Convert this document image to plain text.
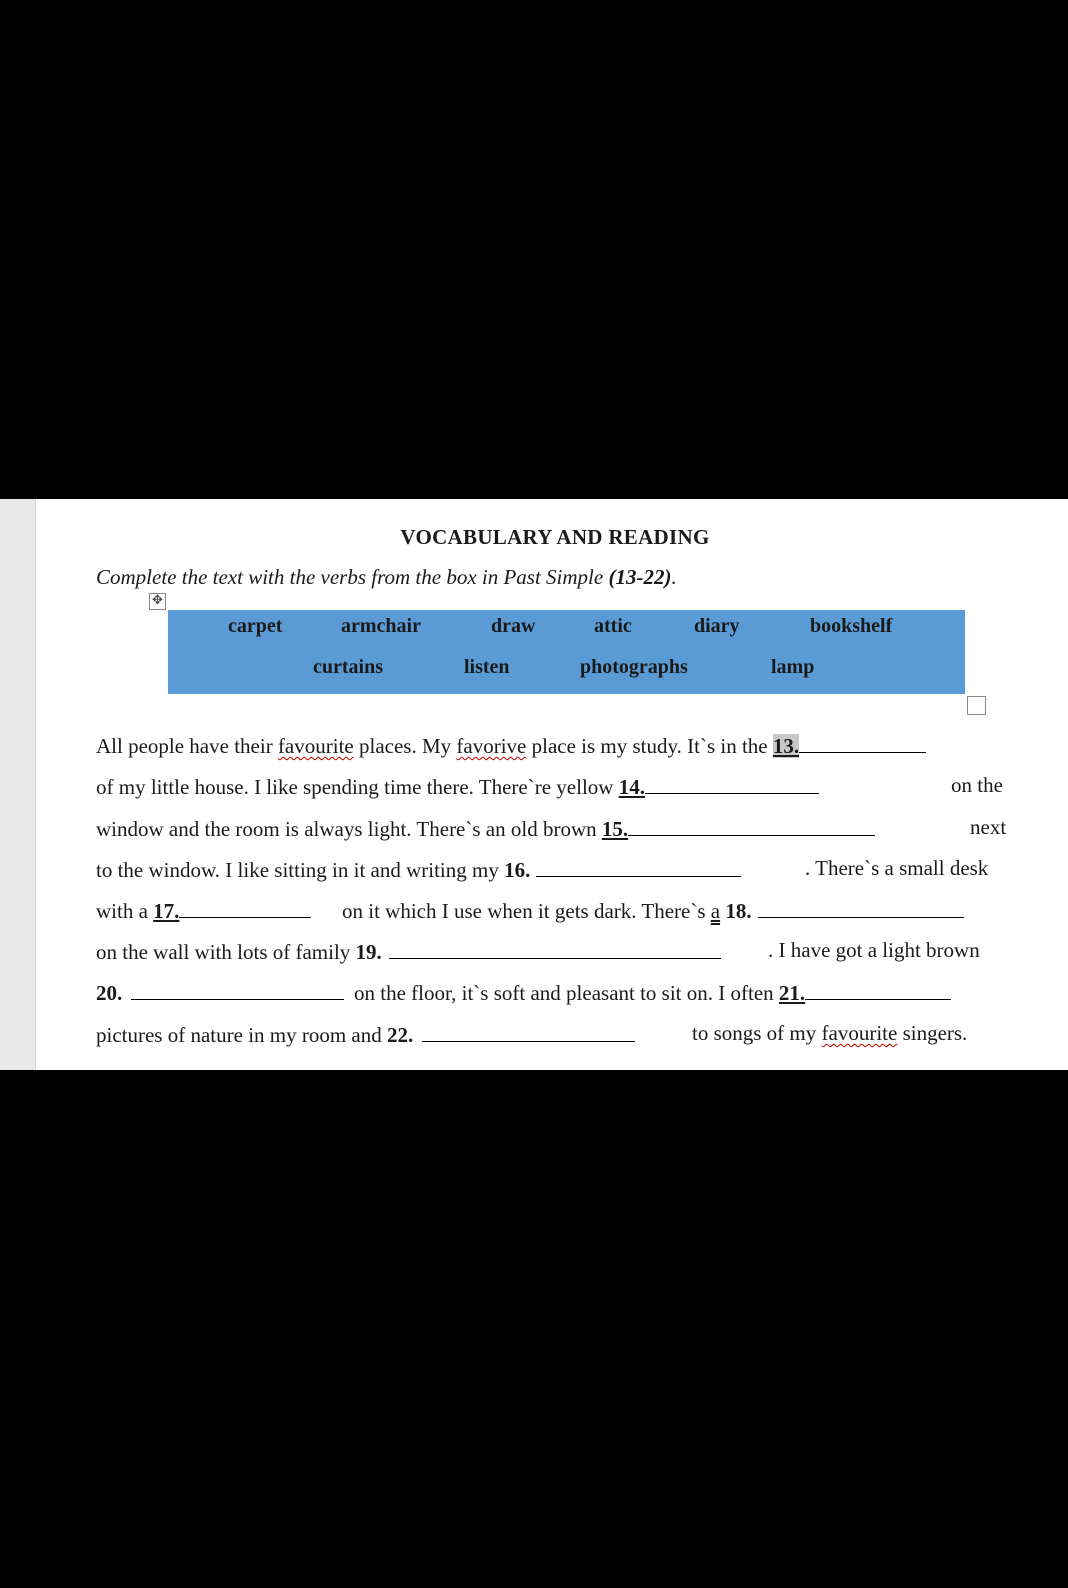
VOCABULARY AND READING
Complete the text with the verbs from the box in Past Simple (13-22).
✥
carpet	armchair	draw	attic	diary	bookshelf
curtains	listen	photographs	lamp
All people have their favourite places. My favorive place is my study. It`s in the 13.
of my little house. I like spending time there. There`re yellow 14.	on the
window and the room is always light. There`s an old brown 15.	next
to the window. I like sitting in it and writing my 16.	. There`s a small desk
with a 17.	on it which I use when it gets dark. There`s a 18.
on the wall with lots of family 19.	. I have got a light brown
20.	on the floor, it`s soft and pleasant to sit on. I often 21.
pictures of nature in my room and 22.	to songs of my favourite singers.
